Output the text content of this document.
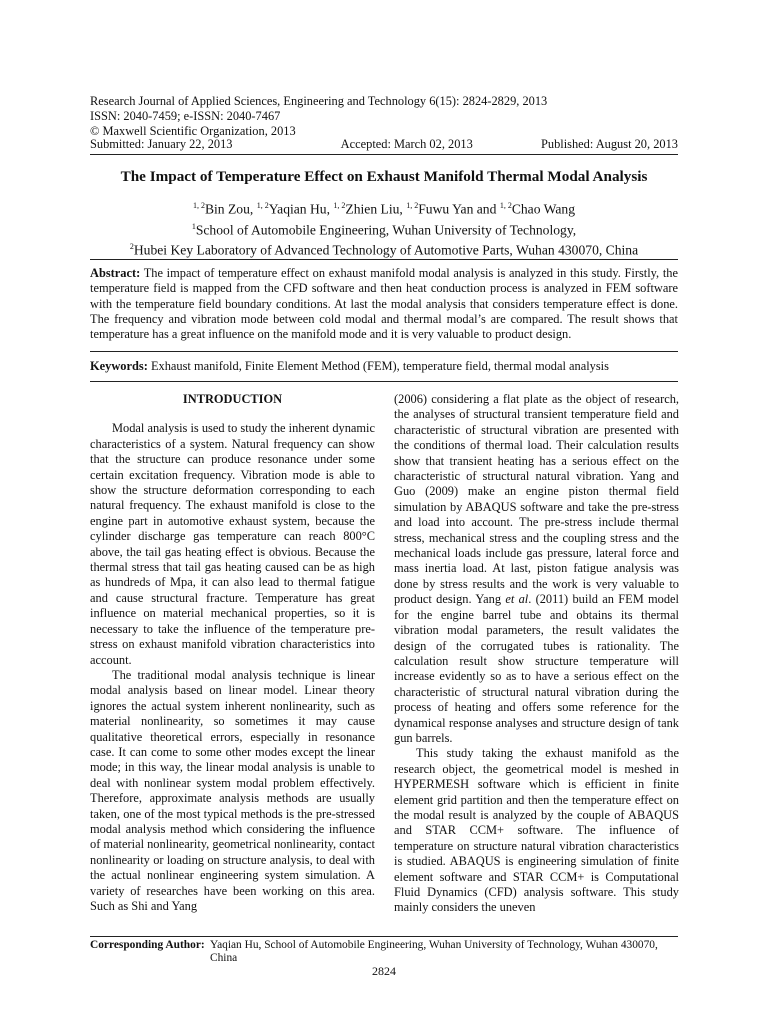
Research Journal of Applied Sciences, Engineering and Technology 6(15): 2824-2829, 2013
ISSN: 2040-7459; e-ISSN: 2040-7467
© Maxwell Scientific Organization, 2013
Submitted: January 22, 2013	Accepted: March 02, 2013	Published: August 20, 2013
The Impact of Temperature Effect on Exhaust Manifold Thermal Modal Analysis
$^{1, 2}$Bin Zou, $^{1, 2}$Yaqian Hu, $^{1, 2}$Zhien Liu, $^{1, 2}$Fuwu Yan and $^{1, 2}$Chao Wang
$^1$School of Automobile Engineering, Wuhan University of Technology,
$^2$Hubei Key Laboratory of Advanced Technology of Automotive Parts, Wuhan 430070, China
Abstract: The impact of temperature effect on exhaust manifold modal analysis is analyzed in this study. Firstly, the temperature field is mapped from the CFD software and then heat conduction process is analyzed in FEM software with the temperature field boundary conditions. At last the modal analysis that considers temperature effect is done. The frequency and vibration mode between cold modal and thermal modal’s are compared. The result shows that temperature has a great influence on the manifold mode and it is very valuable to product design.
Keywords: Exhaust manifold, Finite Element Method (FEM), temperature field, thermal modal analysis
INTRODUCTION

Modal analysis is used to study the inherent dynamic characteristics of a system. Natural frequency can show that the structure can produce resonance under some certain excitation frequency. Vibration mode is able to show the structure deformation corresponding to each natural frequency. The exhaust manifold is close to the engine part in automotive exhaust system, because the cylinder discharge gas temperature can reach 800°C above, the tail gas heating effect is obvious. Because the thermal stress that tail gas heating caused can be as high as hundreds of Mpa, it can also lead to thermal fatigue and cause structural fracture. Temperature has great influence on material mechanical properties, so it is necessary to take the influence of the temperature pre-stress on exhaust manifold vibration characteristics into account.

The traditional modal analysis technique is linear modal analysis based on linear model. Linear theory ignores the actual system inherent nonlinearity, such as material nonlinearity, so sometimes it may cause qualitative theoretical errors, especially in resonance case. It can come to some other modes except the linear mode; in this way, the linear modal analysis is unable to deal with nonlinear system modal problem effectively. Therefore, approximate analysis methods are usually taken, one of the most typical methods is the pre-stressed modal analysis method which considering the influence of material nonlinearity, geometrical nonlinearity, contact nonlinearity or loading on structure analysis, to deal with the actual nonlinear engineering system simulation. A variety of researches have been working on this area. Such as Shi and Yang

(2006) considering a flat plate as the object of research, the analyses of structural transient temperature field and characteristic of structural vibration are presented with the conditions of thermal load. Their calculation results show that transient heating has a serious effect on the characteristic of structural natural vibration. Yang and Guo (2009) make an engine piston thermal field simulation by ABAQUS software and take the pre-stress and load into account. The pre-stress include thermal stress, mechanical stress and the coupling stress and the mechanical loads include gas pressure, lateral force and mass inertia load. At last, piston fatigue analysis was done by stress results and the work is very valuable to product design. Yang et al. (2011) build an FEM model for the engine barrel tube and obtains its thermal vibration modal parameters, the result validates the design of the corrugated tubes is rationality. The calculation result show structure temperature will increase evidently so as to have a serious effect on the characteristic of structural natural vibration during the process of heating and offers some reference for the dynamical response analyses and structure design of tank gun barrels.

This study taking the exhaust manifold as the research object, the geometrical model is meshed in HYPERMESH software which is efficient in finite element grid partition and then the temperature effect on the modal result is analyzed by the couple of ABAQUS and STAR CCM+ software. The influence of temperature on structure natural vibration characteristics is studied. ABAQUS is engineering simulation of finite element software and STAR CCM+ is Computational Fluid Dynamics (CFD) analysis software. This study mainly considers the uneven

Corresponding Author: Yaqian Hu, School of Automobile Engineering, Wuhan University of Technology, Wuhan 430070, China
2824
